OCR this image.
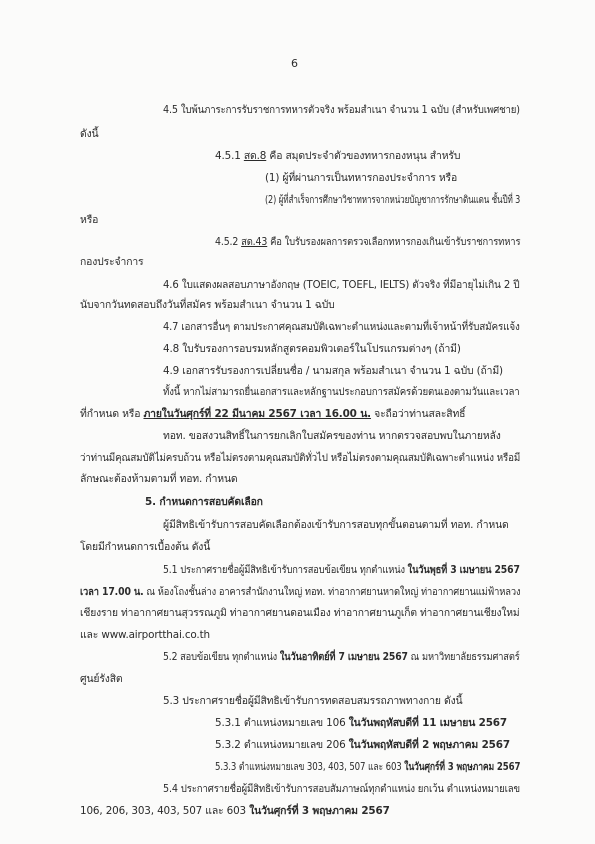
6
4.5 ใบพ้นภาระการรับราชการทหารตัวจริง พร้อมสำเนา จำนวน 1 ฉบับ (สำหรับเพศชาย)
ดังนี้
4.5.1 สด.8 คือ สมุดประจำตัวของทหารกองหนุน สำหรับ
(1) ผู้ที่ผ่านการเป็นทหารกองประจำการ หรือ
(2) ผู้ที่สำเร็จการศึกษาวิชาทหารจากหน่วยบัญชาการรักษาดินแดน ชั้นปีที่ 3
หรือ
4.5.2 สด.43 คือ ใบรับรองผลการตรวจเลือกทหารกองเกินเข้ารับราชการทหาร
กองประจำการ
4.6 ใบแสดงผลสอบภาษาอังกฤษ (TOEIC, TOEFL, IELTS) ตัวจริง ที่มีอายุไม่เกิน 2 ปี
นับจากวันทดสอบถึงวันที่สมัคร พร้อมสำเนา จำนวน 1 ฉบับ
4.7 เอกสารอื่นๆ ตามประกาศคุณสมบัติเฉพาะตำแหน่งและตามที่เจ้าหน้าที่รับสมัครแจ้ง
4.8 ใบรับรองการอบรมหลักสูตรคอมพิวเตอร์ในโปรแกรมต่างๆ (ถ้ามี)
4.9 เอกสารรับรองการเปลี่ยนชื่อ / นามสกุล พร้อมสำเนา จำนวน 1 ฉบับ (ถ้ามี)
ทั้งนี้ หากไม่สามารถยื่นเอกสารและหลักฐานประกอบการสมัครด้วยตนเองตามวันและเวลา
ที่กำหนด หรือ ภายในวันศุกร์ที่ 22 มีนาคม 2567 เวลา 16.00 น. จะถือว่าท่านสละสิทธิ์
ทอท. ขอสงวนสิทธิ์ในการยกเลิกใบสมัครของท่าน หากตรวจสอบพบในภายหลัง
ว่าท่านมีคุณสมบัติไม่ครบถ้วน หรือไม่ตรงตามคุณสมบัติทั่วไป หรือไม่ตรงตามคุณสมบัติเฉพาะตำแหน่ง หรือมี
ลักษณะต้องห้ามตามที่ ทอท. กำหนด
5. กำหนดการสอบคัดเลือก
ผู้มีสิทธิเข้ารับการสอบคัดเลือกต้องเข้ารับการสอบทุกขั้นตอนตามที่ ทอท. กำหนด
โดยมีกำหนดการเบื้องต้น ดังนี้
5.1 ประกาศรายชื่อผู้มีสิทธิเข้ารับการสอบข้อเขียน ทุกตำแหน่ง ในวันพุธที่ 3 เมษายน 2567
เวลา 17.00 น. ณ ห้องโถงชั้นล่าง อาคารสำนักงานใหญ่ ทอท. ท่าอากาศยานหาดใหญ่ ท่าอากาศยานแม่ฟ้าหลวง
เชียงราย ท่าอากาศยานสุวรรณภูมิ ท่าอากาศยานดอนเมือง ท่าอากาศยานภูเก็ต ท่าอากาศยานเชียงใหม่
และ www.airportthai.co.th
5.2 สอบข้อเขียน ทุกตำแหน่ง ในวันอาทิตย์ที่ 7 เมษายน 2567 ณ มหาวิทยาลัยธรรมศาสตร์
ศูนย์รังสิต
5.3 ประกาศรายชื่อผู้มีสิทธิเข้ารับการทดสอบสมรรถภาพทางกาย ดังนี้
5.3.1 ตำแหน่งหมายเลข 106 ในวันพฤหัสบดีที่ 11 เมษายน 2567
5.3.2 ตำแหน่งหมายเลข 206 ในวันพฤหัสบดีที่ 2 พฤษภาคม 2567
5.3.3 ตำแหน่งหมายเลข 303, 403, 507 และ 603 ในวันศุกร์ที่ 3 พฤษภาคม 2567
5.4 ประกาศรายชื่อผู้มีสิทธิเข้ารับการสอบสัมภาษณ์ทุกตำแหน่ง ยกเว้น ตำแหน่งหมายเลข
106, 206, 303, 403, 507 และ 603 ในวันศุกร์ที่ 3 พฤษภาคม 2567
